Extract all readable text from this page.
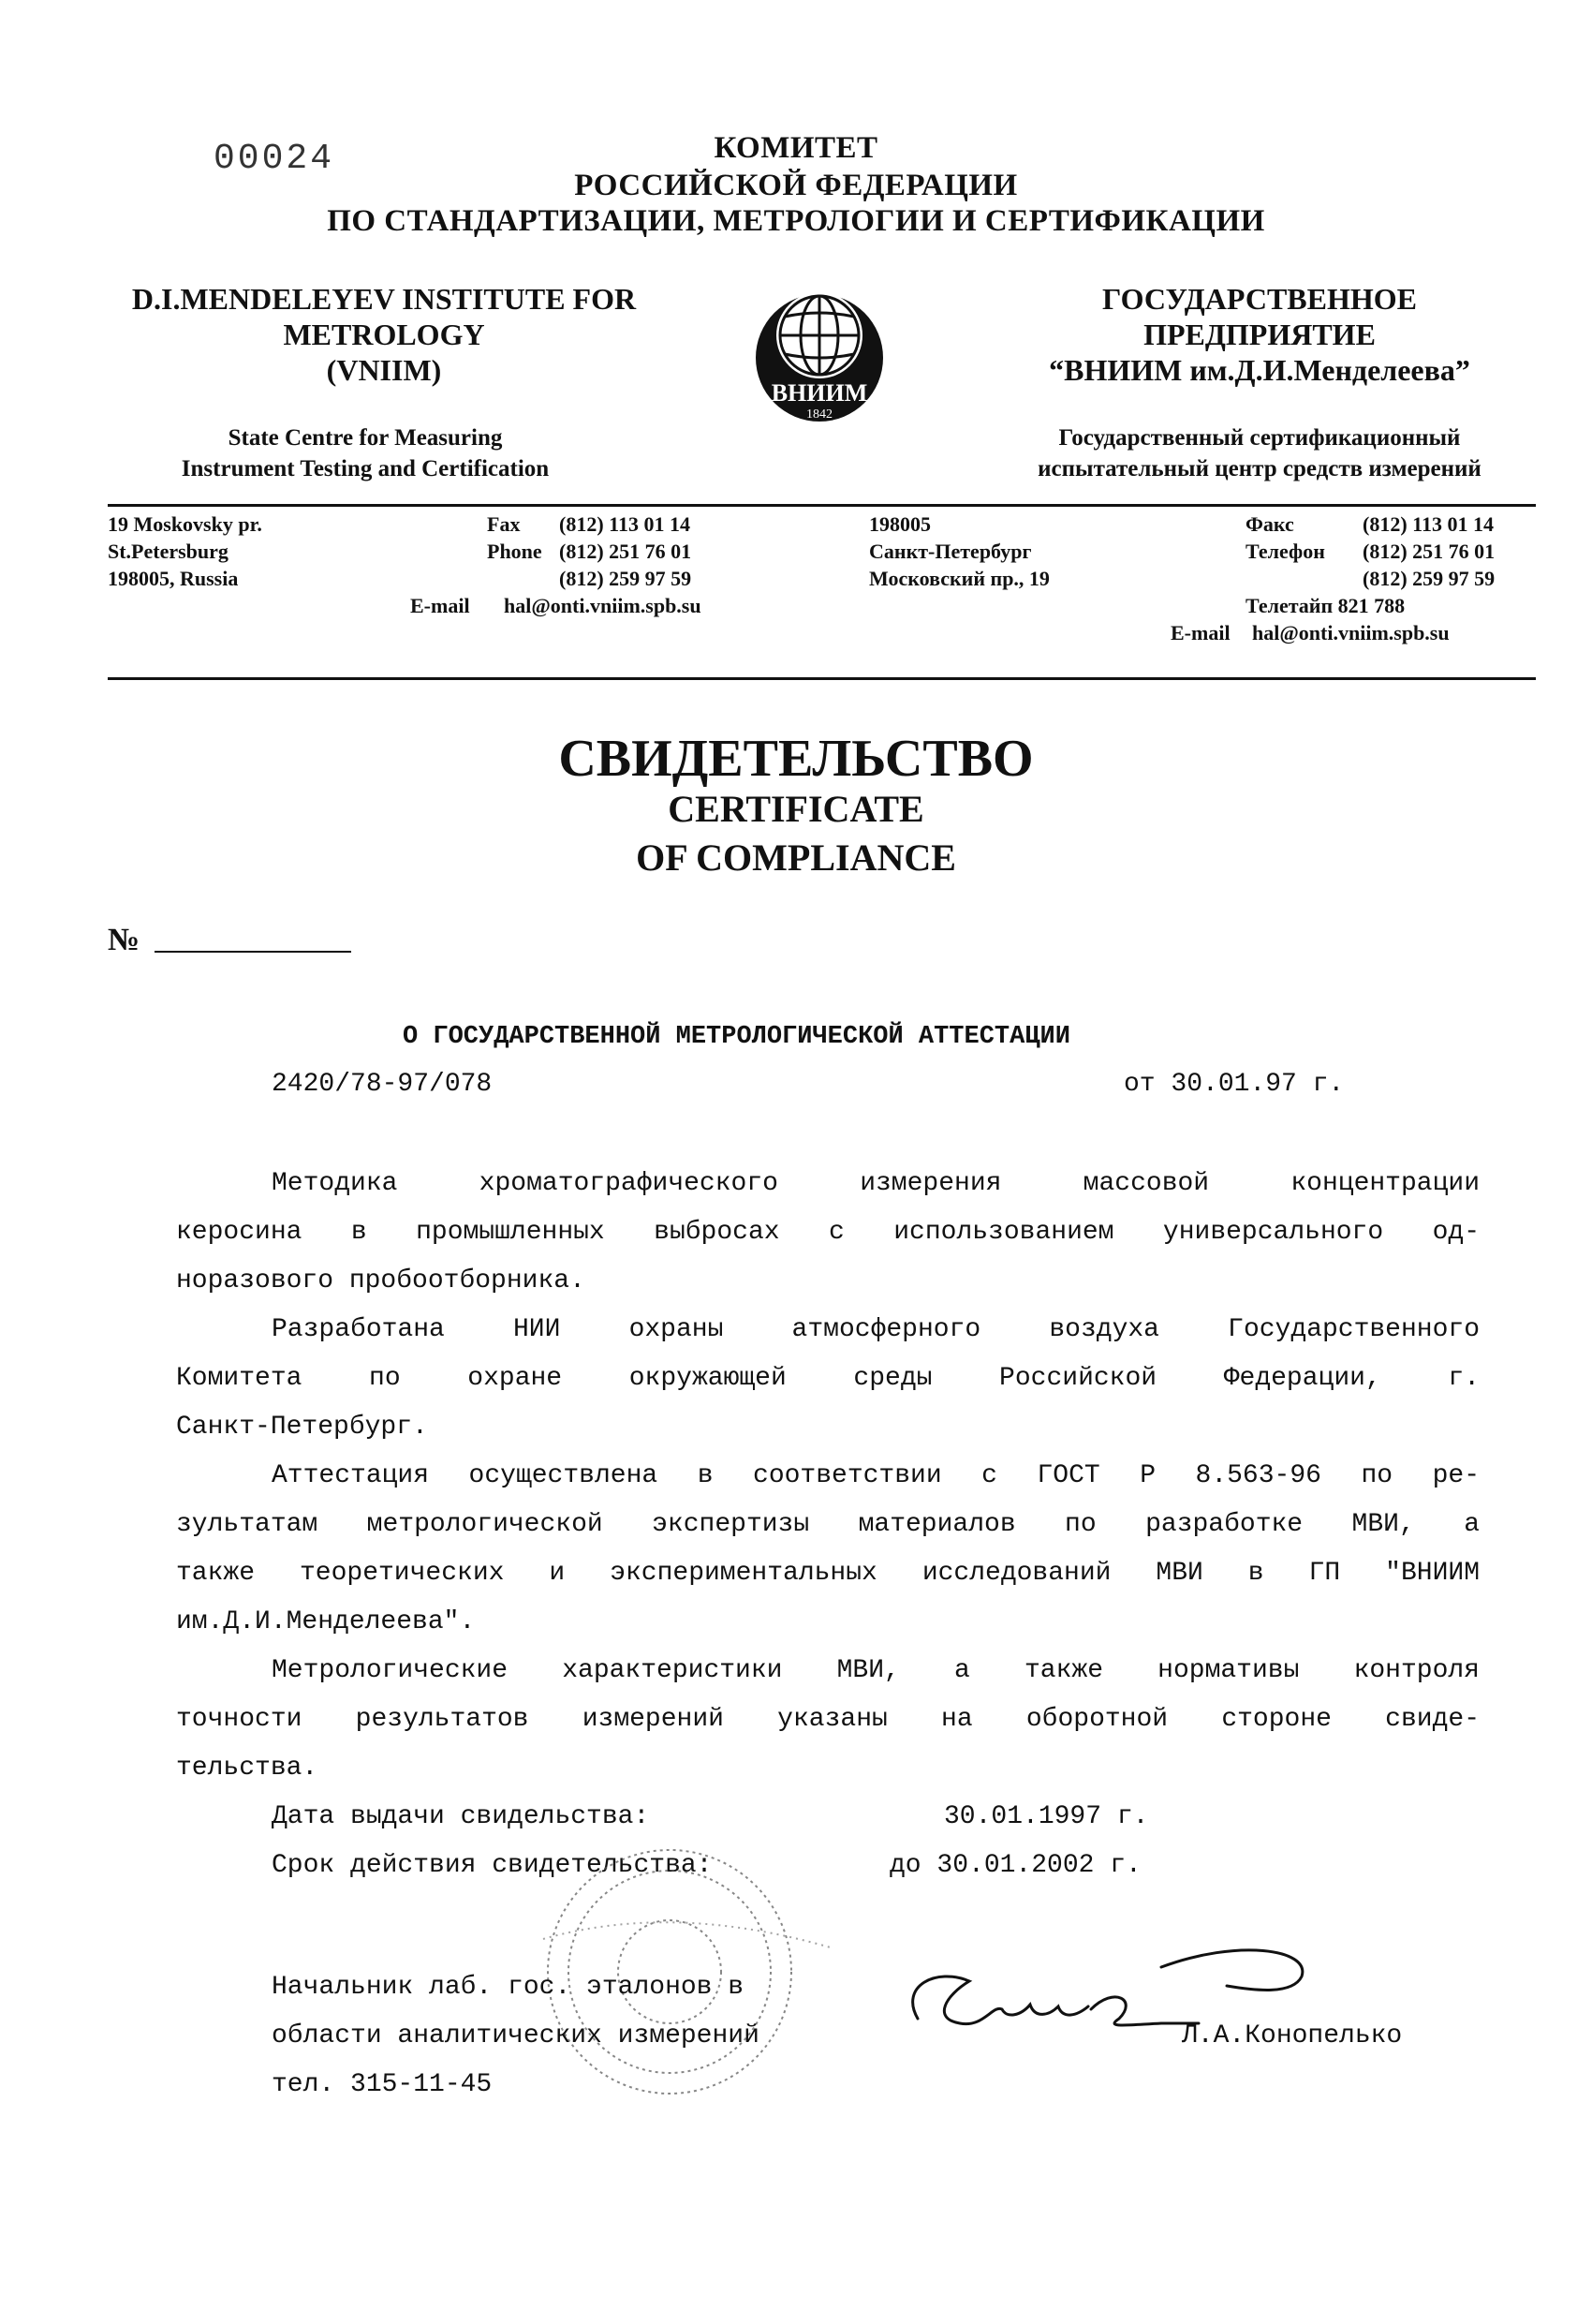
00024	КОМИТЕТ
РОССИЙСКОЙ ФЕДЕРАЦИИ
ПО СТАНДАРТИЗАЦИИ, МЕТРОЛОГИИ И СЕРТИФИКАЦИИ
D.I.MENDELEYEV INSTITUTE FOR
METROLOGY
(VNIIM)
State Centre for Measuring
Instrument Testing and Certification
ВНИИМ
1842
ГОСУДАРСТВЕННОЕ
ПРЕДПРИЯТИЕ
“ВНИИМ им.Д.И.Менделеева”
Государственный сертификационный
испытательный центр средств измерений
19 Moskovsky pr.
St.Petersburg
198005, Russia
Fax (812) 113 01 14
Phone (812) 251 76 01
(812) 259 97 59
E-mail hal@onti.vniim.spb.su
198005
Санкт-Петербург
Московский пр., 19
Факс	(812) 113 01 14
Телефон (812) 251 76 01
(812) 259 97 59
Телетайп 821 788
E-mail hal@onti.vniim.spb.su
СВИДЕТЕЛЬСТВО
CERTIFICATE
OF COMPLIANCE
№
О ГОСУДАРСТВЕННОЙ МЕТРОЛОГИЧЕСКОЙ АТТЕСТАЦИИ
2420/78-97/078	от 30.01.97 г.
Методика хроматографического измерения массовой концентрации
керосина в промышленных выбросах с использованием универсального од-
норазового пробоотборника.
Разработана НИИ охраны атмосферного воздуха Государственного
Комитета по охране окружающей среды Российской Федерации, г.
Санкт-Петербург.
Аттестация осуществлена в соответствии с ГОСТ Р 8.563-96 по ре-
зультатам метрологической экспертизы материалов по разработке МВИ, а
также теоретических и экспериментальных исследований МВИ в ГП "ВНИИМ
им.Д.И.Менделеева".
Метрологические характеристики МВИ, а также нормативы контроля
точности результатов измерений указаны на оборотной стороне свиде-
тельства.
Дата выдачи свидельства:	30.01.1997 г.
Срок действия свидетельства:	до 30.01.2002 г.
Начальник лаб. гос. эталонов в
области аналитических измерений
тел. 315-11-45
Л.А.Конопелько
